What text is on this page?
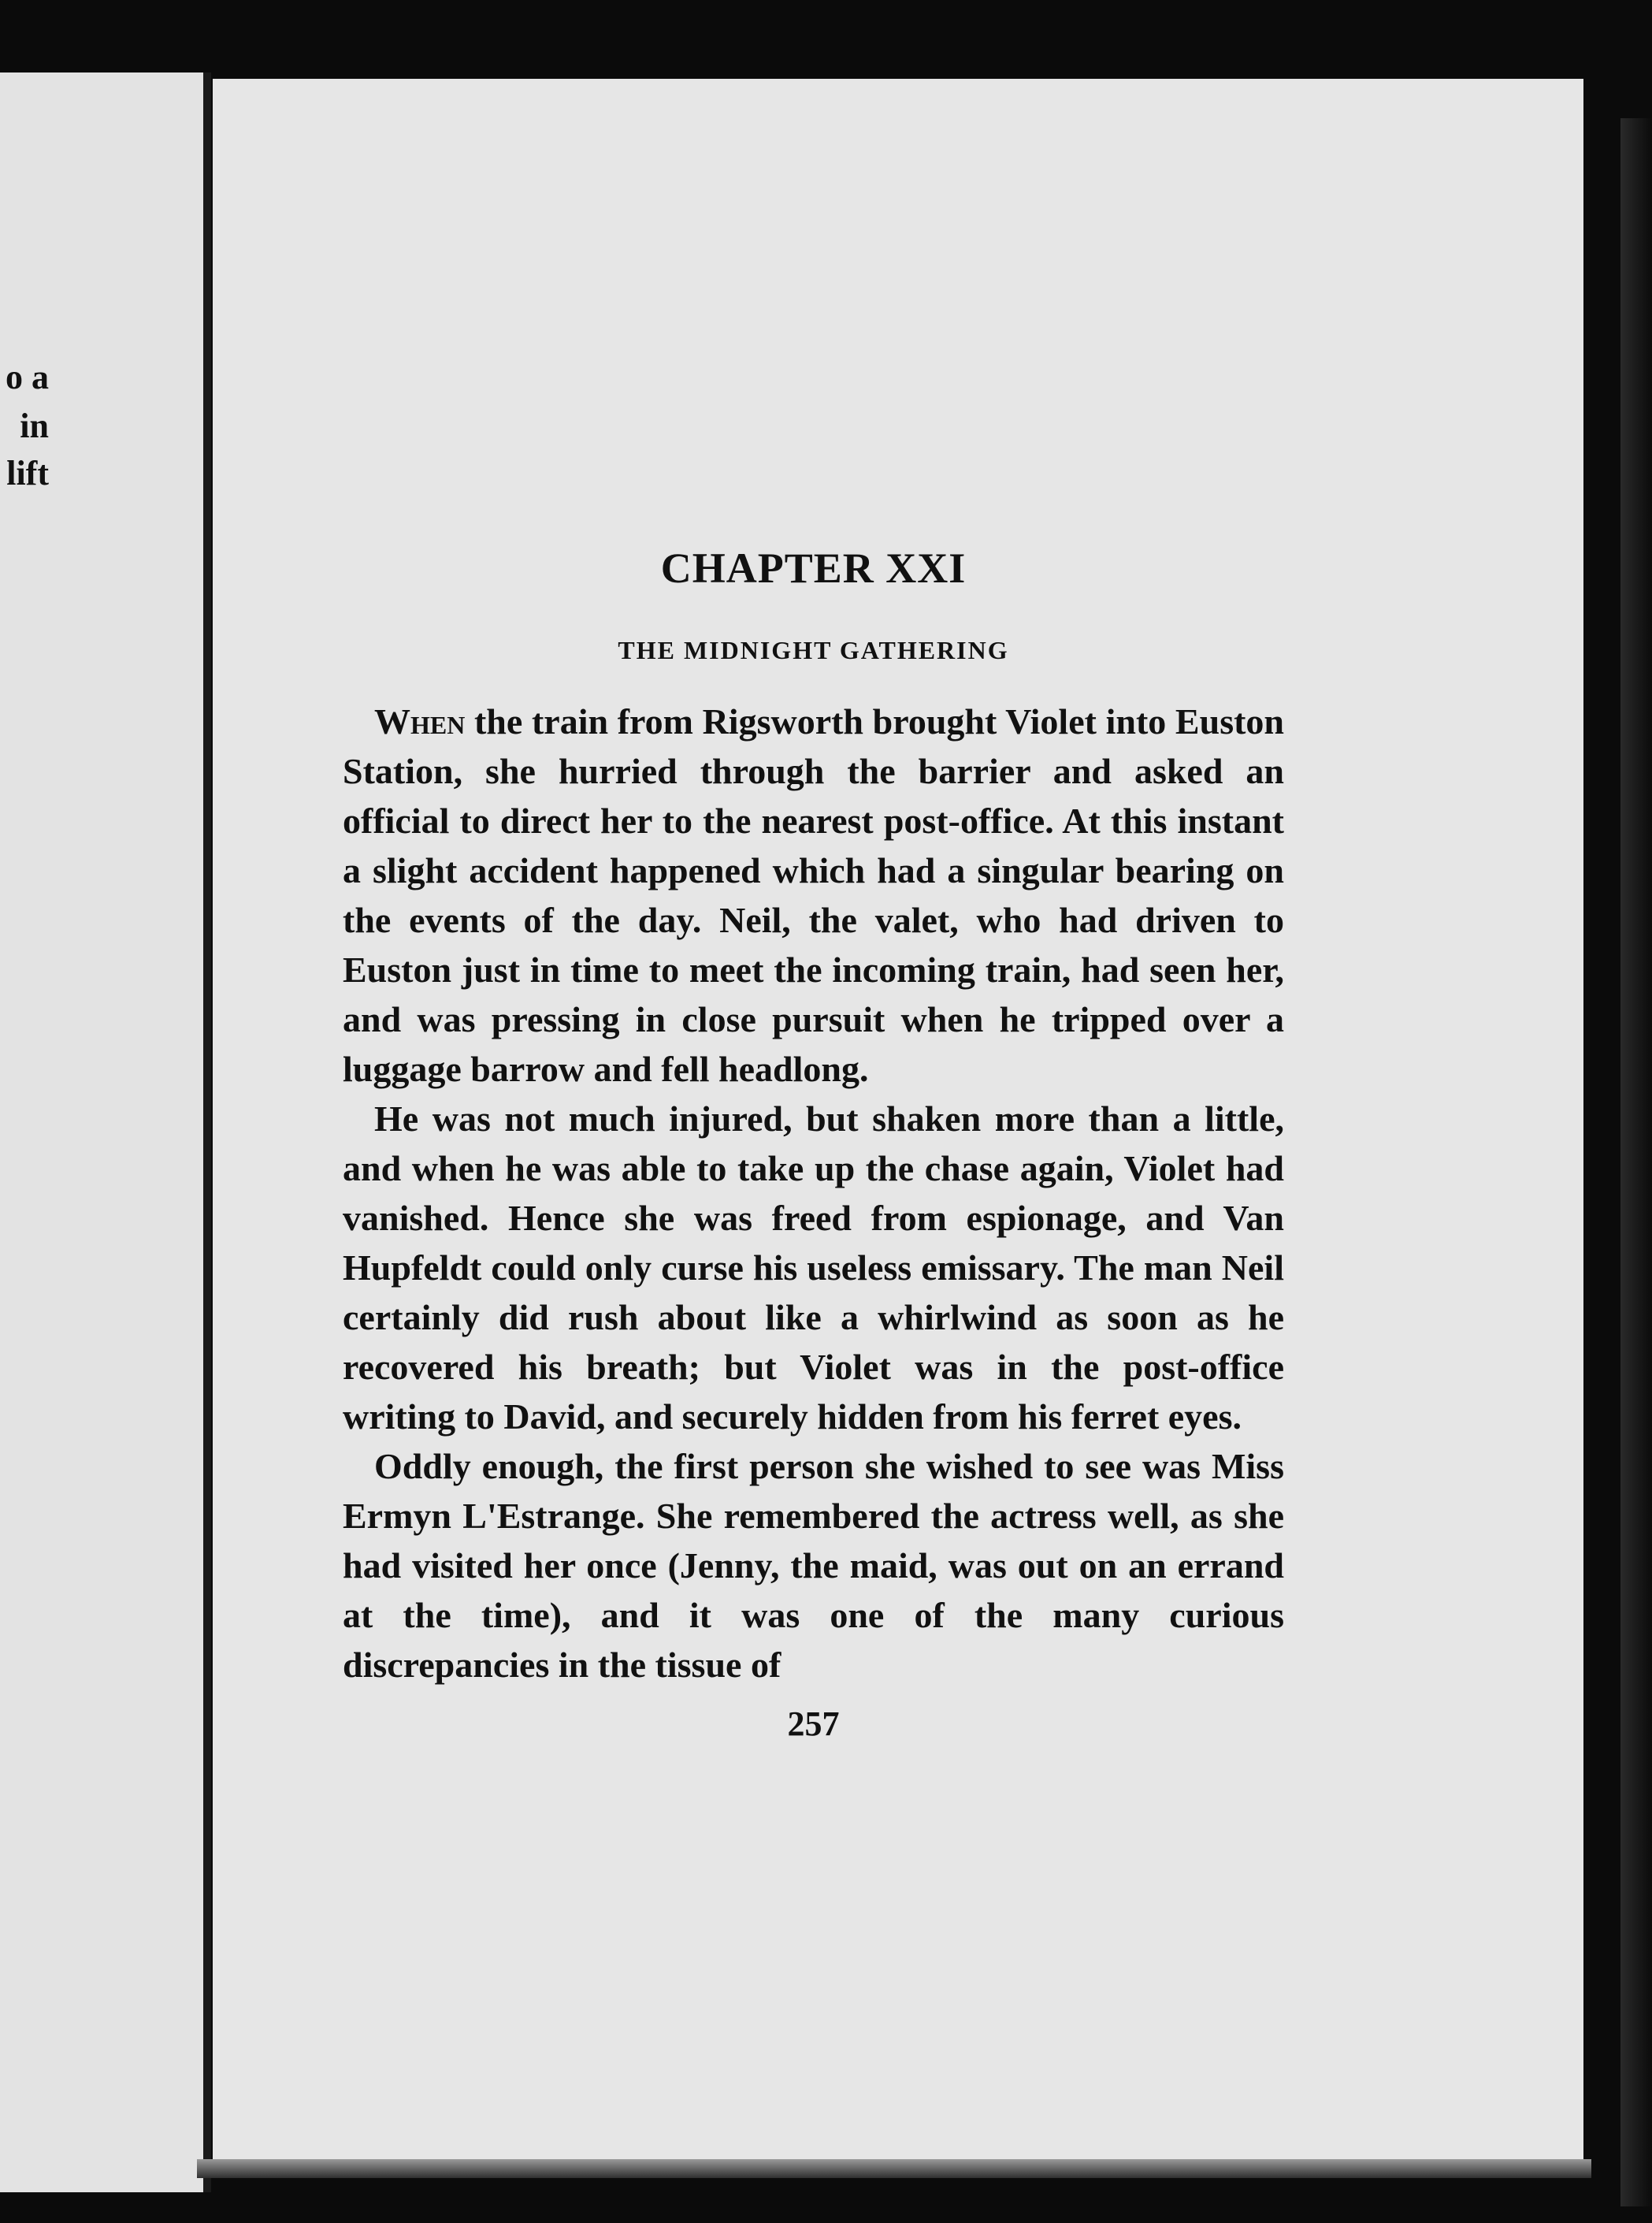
o a
in
lift
CHAPTER XXI
THE MIDNIGHT GATHERING

When the train from Rigsworth brought Violet into Euston Station, she hurried through the barrier and asked an official to direct her to the nearest post-office. At this instant a slight accident happened which had a singular bearing on the events of the day. Neil, the valet, who had driven to Euston just in time to meet the incoming train, had seen her, and was pressing in close pursuit when he tripped over a luggage barrow and fell headlong.

He was not much injured, but shaken more than a little, and when he was able to take up the chase again, Violet had vanished. Hence she was freed from espionage, and Van Hupfeldt could only curse his useless emissary. The man Neil certainly did rush about like a whirlwind as soon as he recovered his breath; but Violet was in the post-office writing to David, and securely hidden from his ferret eyes.

Oddly enough, the first person she wished to see was Miss Ermyn L'Estrange. She remembered the actress well, as she had visited her once (Jenny, the maid, was out on an errand at the time), and it was one of the many curious discrepancies in the tissue of

257
